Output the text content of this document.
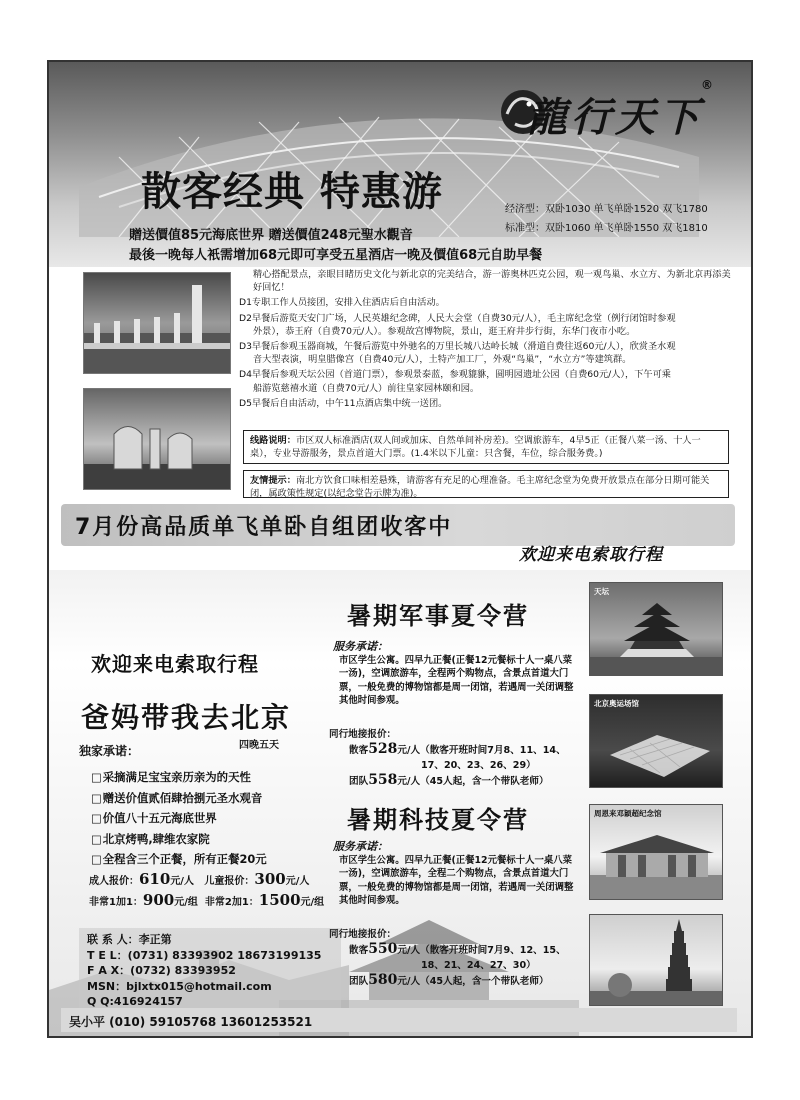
龍行天下
®
散客经典 特惠游	经济型：双卧1030 单飞单卧1520 双飞1780
标准型：双卧1060 单飞单卧1550 双飞1810
贈送價值85元海底世界 贈送價值248元聖水觀音
最後一晚每人衹需增加68元即可享受五星酒店一晚及價值68元自助早餐

精心搭配景点，亲眼目睹历史文化与新北京的完美结合，游一游奥林匹克公园，观一观鸟巢、水立方、为新北京再添美好回忆！

D1专职工作人员接团，安排入住酒店后自由活动。

D2早餐后游览天安门广场，人民英雄纪念碑，人民大会堂（自费30元/人），毛主席纪念堂（例行闭馆时参观
外景），恭王府（自费70元/人）。参观故宫博物院，景山，逛王府井步行街，东华门夜市小吃。

D3早餐后参观玉器商城，午餐后游览中外驰名的万里长城八达岭长城（滑道自费往返60元/人），欣赏圣水观
音大型表演，明皇腊像宫（自费40元/人），土特产加工厂，外观“鸟巢”，“水立方”等建筑群。

D4早餐后参观天坛公园（首道门票），参观景泰蓝，参观貔貅，圆明园遗址公园（自费60元/人），下午可乘
船游览慈禧水道（自费70元/人）前往皇家园林颐和园。

D5早餐后自由活动，中午11点酒店集中统一送团。

线路说明：市区双人标准酒店(双人间或加床、自然单间补房差)。空调旅游车，4早5正（正餐八菜一汤、十人一桌），专业导游服务，景点首道大门票。(1.4米以下儿童：只含餐，车位，综合服务费。)
友情提示：南北方饮食口味相差悬殊，请游客有充足的心理准备。毛主席纪念堂为免费开放景点在部分日期可能关闭，属政策性规定(以纪念堂告示牌为准)。
7月份高品质单飞单卧自组团收客中
欢迎来电索取行程
欢迎来电索取行程
爸妈带我去北京
四晚五天
独家承诺：
□ 采摘满足宝宝亲历亲为的天性
□ 赠送价值贰佰肆拾捌元圣水观音
□ 价值八十五元海底世界
□ 北京烤鸭,肆维农家院
□ 全程含三个正餐，所有正餐20元
成人报价：610元/人 儿童报价：300元/人
非常1加1：900元/组 非常2加1：1500元/组
联 系 人：李正第
T E L：(0731) 83393902 18673199135
F A X：(0732) 83393952
MSN：bjlxtx015@hotmail.com
Q Q:416924157
吴小平 (010) 59105768 13601253521
暑期军事夏令营
服务承诺：
市区学生公寓。四早九正餐(正餐12元餐标十人一桌八菜一汤)，空调旅游车，全程两个购物点，含景点首道大门票，一般免费的博物馆都是周一闭馆，若遇周一关闭调整其他时间参观。
同行地接报价：
散客528元/人（散客开班时间7月8、11、14、
17、20、23、26、29）
团队558元/人（45人起，含一个带队老师）
暑期科技夏令营
服务承诺：
市区学生公寓。四早九正餐(正餐12元餐标十人一桌八菜一汤)，空调旅游车，全程二个购物点，含景点首道大门票，一般免费的博物馆都是周一闭馆，若遇周一关闭调整其他时间参观。
同行地接报价：
散客550元/人（散客开班时间7月9、12、15、
18、21、24、27、30）
团队580元/人（45人起，含一个带队老师）
天坛
北京奥运场馆
周恩来邓颖超纪念馆
